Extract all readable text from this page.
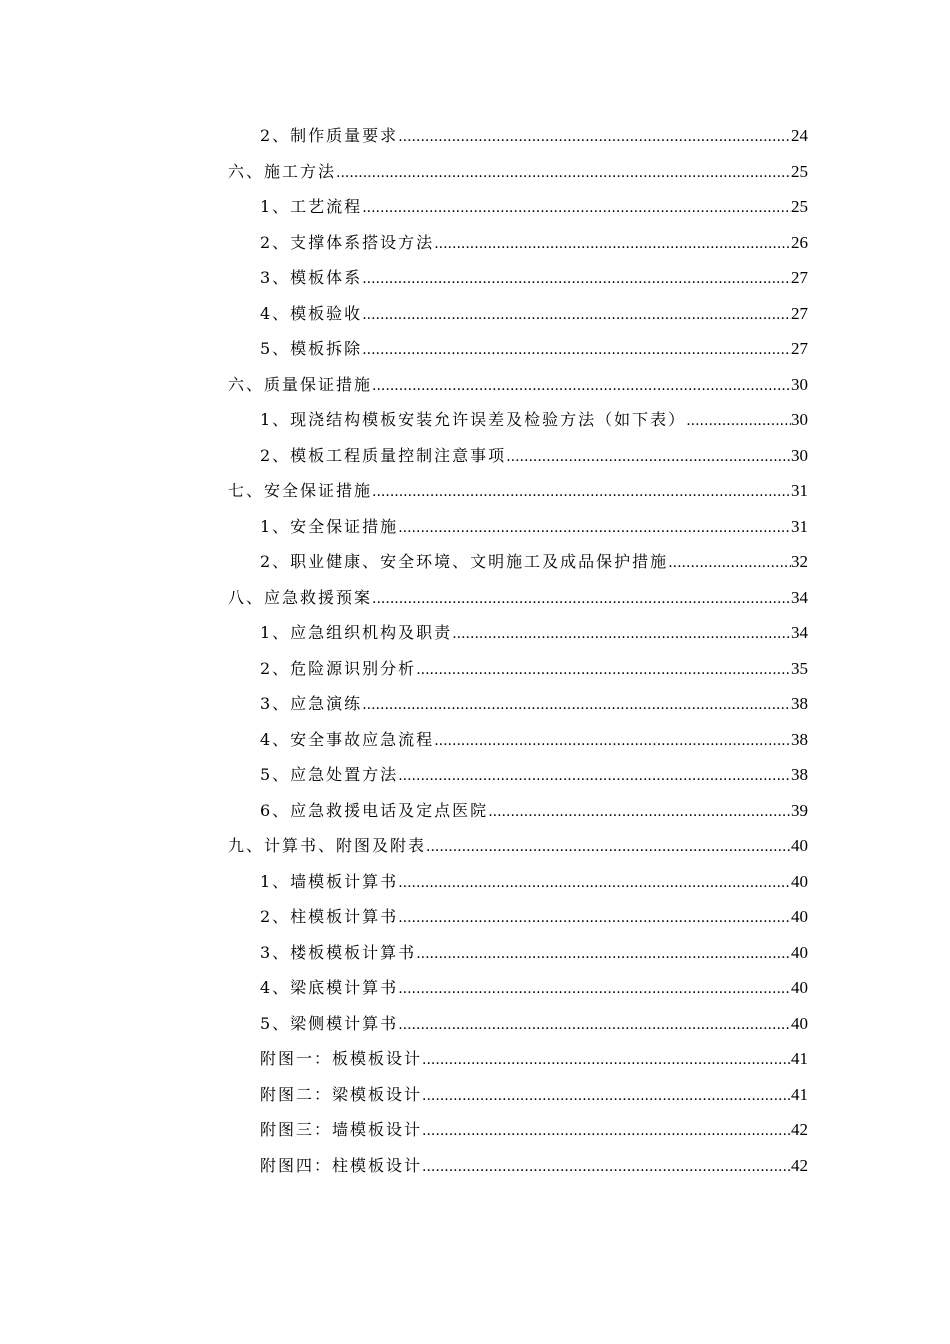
2、制作质量要求 .....	24
六、施工方法 .....	25
1、工艺流程 .....	25
2、支撑体系搭设方法 .....	26
3、模板体系 .....	27
4、模板验收 .....	27
5、模板拆除 .....	27
六、质量保证措施 .....	30
1、现浇结构模板安装允许误差及检验方法（如下表） .....	30
2、模板工程质量控制注意事项 .....	30
七、安全保证措施 .....	31
1、安全保证措施 .....	31
2、职业健康、安全环境、文明施工及成品保护措施 .....	32
八、应急救援预案 .....	34
1、应急组织机构及职责 .....	34
2、危险源识别分析 .....	35
3、应急演练 .....	38
4、安全事故应急流程 .....	38
5、应急处置方法 .....	38
6、应急救援电话及定点医院 .....	39
九、计算书、附图及附表 .....	40
1、墙模板计算书 .....	40
2、柱模板计算书 .....	40
3、楼板模板计算书 .....	40
4、梁底模计算书 .....	40
5、梁侧模计算书 .....	40
附图一：板模板设计 .....	41
附图二：梁模板设计 .....	41
附图三：墙模板设计 .....	42
附图四：柱模板设计 .....	42
